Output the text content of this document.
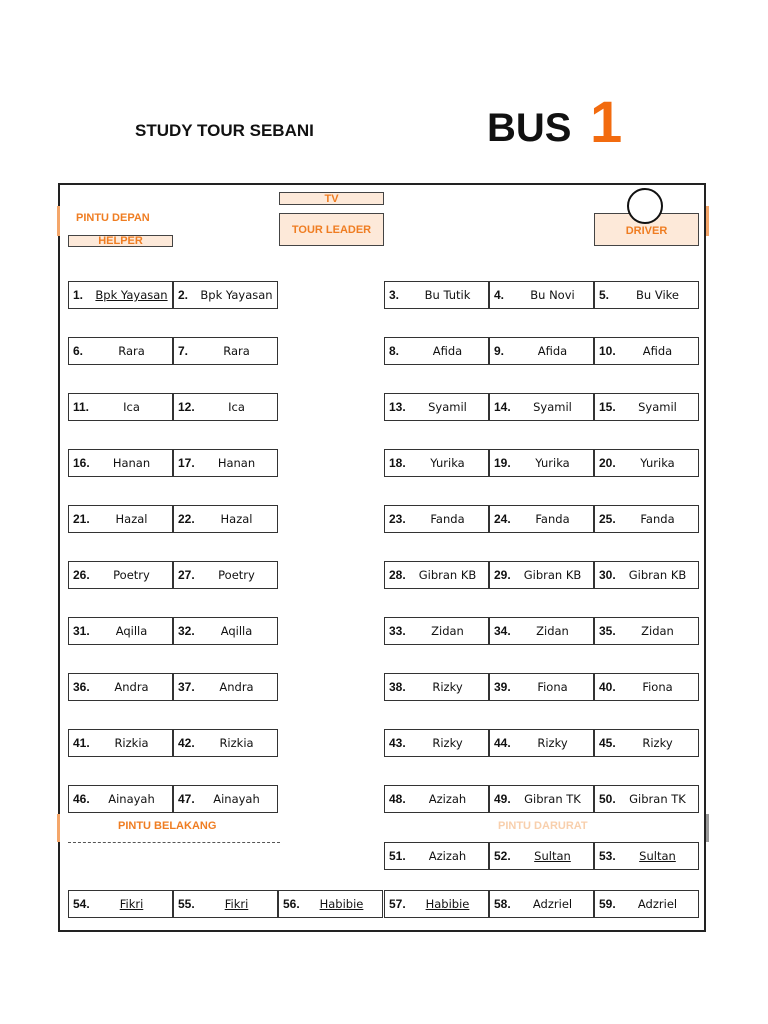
STUDY TOUR SEBANI	BUS 1
TV
TOUR LEADER	DRIVER
PINTU DEPAN
HELPER
PINTU BELAKANG	PINTU DARURAT
1. Bpk Yayasan 2. Bpk Yayasan	3.	Bu Tutik	4.	Bu Novi	5.	Bu Vike
6.	Rara	7.	Rara	8.	Afida	9.	Afida	10.	Afida
11.	Ica	12.	Ica	13.	Syamil	14.	Syamil	15.	Syamil
16.	Hanan	17.	Hanan	18.	Yurika	19.	Yurika	20.	Yurika
21.	Hazal	22.	Hazal	23.	Fanda	24.	Fanda	25.	Fanda
26.	Poetry	27.	Poetry	28.	Gibran KB	29.	Gibran KB	30.	Gibran KB
31.	Aqilla	32.	Aqilla	33.	Zidan	34.	Zidan	35.	Zidan
36.	Andra	37.	Andra	38.	Rizky	39.	Fiona	40.	Fiona
41.	Rizkia	42.	Rizkia	43.	Rizky	44.	Rizky	45.	Rizky
46.	Ainayah	47.	Ainayah	48.	Azizah	49.	Gibran TK	50.	Gibran TK
51.	Azizah	52.	Sultan	53.	Sultan
54.	Fikri	55.	Fikri	56.	Habibie	57.	Habibie	58.	Adzriel	59.	Adzriel
